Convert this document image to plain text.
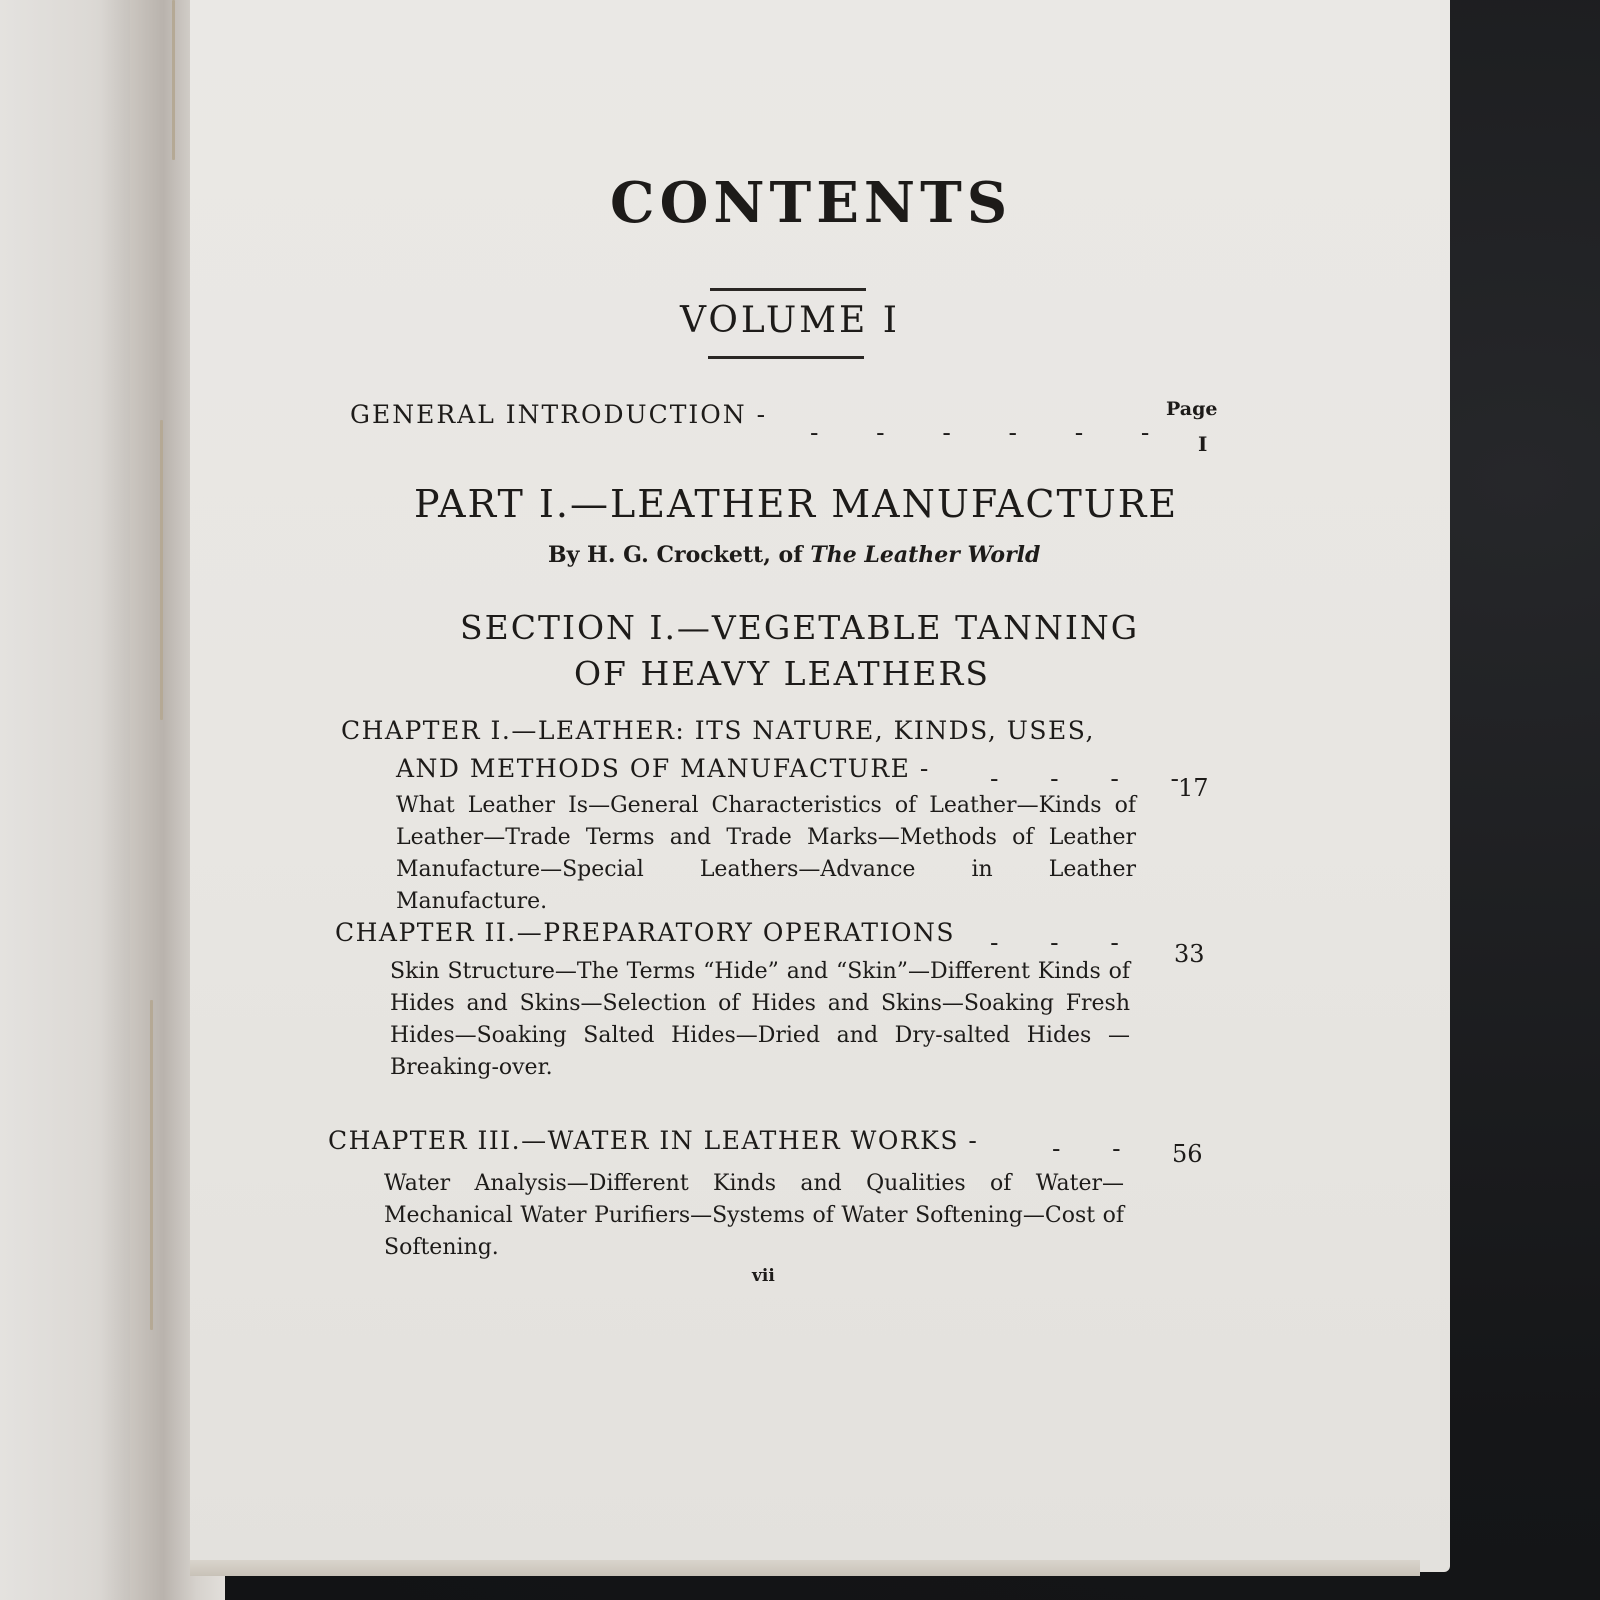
CONTENTS
VOLUME I
Page
GENERAL INTRODUCTION -
-     -     -     -     -     - I
PART I.—LEATHER MANUFACTURE
By H. G. Crockett, of The Leather World
SECTION I.—VEGETABLE TANNING
OF HEAVY LEATHERS
CHAPTER I.—LEATHER: ITS NATURE, KINDS, USES,
AND METHODS OF MANUFACTURE - -     -     -     -
17
What Leather Is—General Characteristics of Leather—Kinds of Leather—Trade Terms and Trade Marks—Methods of Leather Manufacture—Special Leathers—Advance in Leather Manufacture.
CHAPTER II.—PREPARATORY OPERATIONS -     -     - 33
Skin Structure—The Terms “Hide” and “Skin”—Different Kinds of Hides and Skins—Selection of Hides and Skins—Soaking Fresh Hides—Soaking Salted Hides—Dried and Dry-salted Hides —Breaking-over.
CHAPTER III.—WATER IN LEATHER WORKS -	-     - 56
Water Analysis—Different Kinds and Qualities of Water—Mechanical Water Purifiers—Systems of Water Softening—Cost of Softening.
vii
